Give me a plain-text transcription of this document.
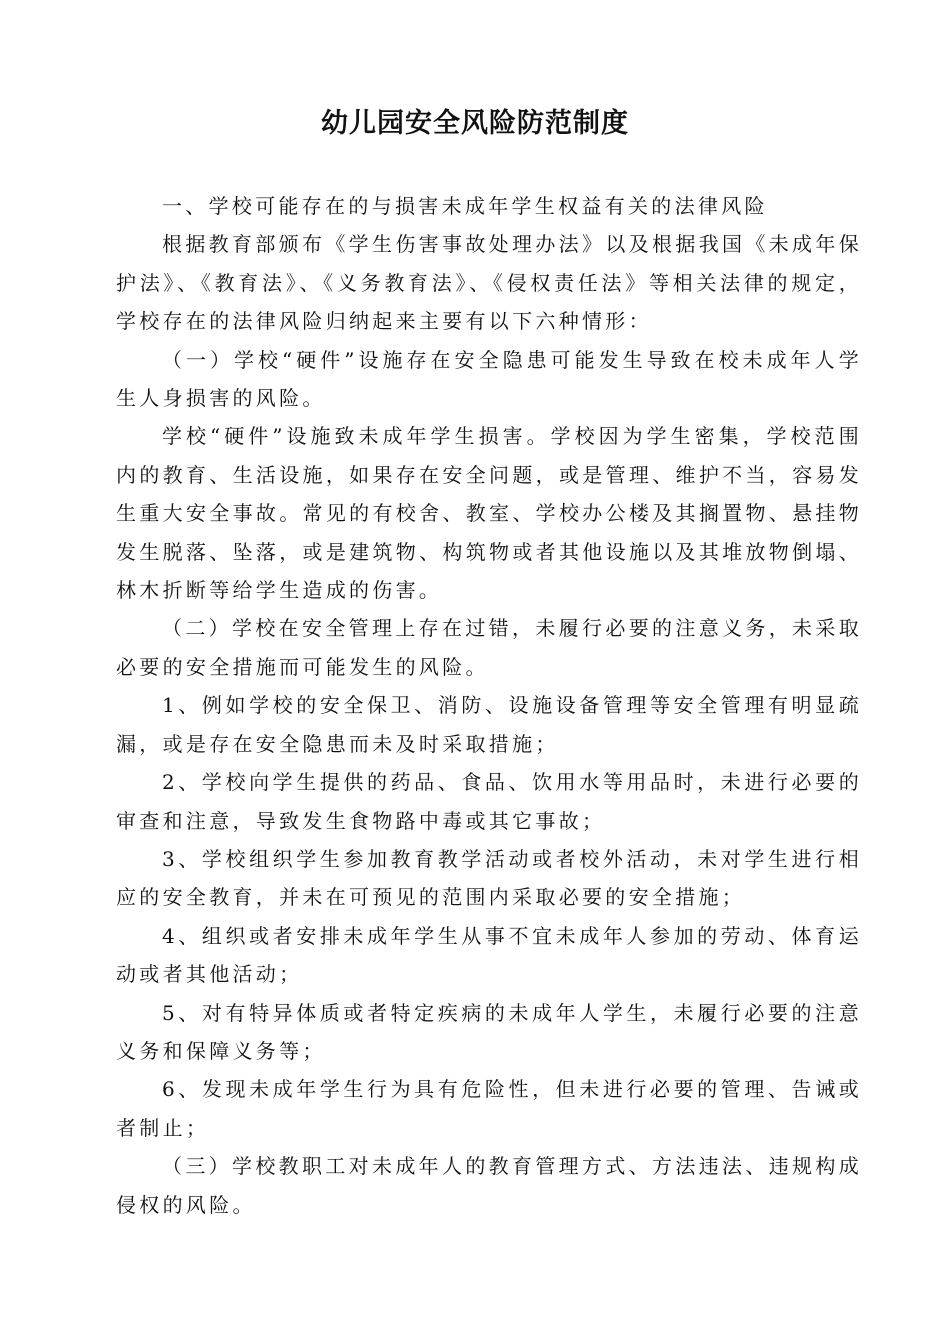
幼儿园安全风险防范制度

一、学校可能存在的与损害未成年学生权益有关的法律风险

根据教育部颁布《学生伤害事故处理办法》以及根据我国《未成年保护法》、《教育法》、《义务教育法》、《侵权责任法》等相关法律的规定，学校存在的法律风险归纳起来主要有以下六种情形：

（一）学校“硬件”设施存在安全隐患可能发生导致在校未成年人学生人身损害的风险。

学校“硬件”设施致未成年学生损害。学校因为学生密集，学校范围内的教育、生活设施，如果存在安全问题，或是管理、维护不当，容易发生重大安全事故。常见的有校舍、教室、学校办公楼及其搁置物、悬挂物发生脱落、坠落，或是建筑物、构筑物或者其他设施以及其堆放物倒塌、林木折断等给学生造成的伤害。

（二）学校在安全管理上存在过错，未履行必要的注意义务，未采取必要的安全措施而可能发生的风险。

1、例如学校的安全保卫、消防、设施设备管理等安全管理有明显疏漏，或是存在安全隐患而未及时采取措施；

2、学校向学生提供的药品、食品、饮用水等用品时，未进行必要的审查和注意，导致发生食物路中毒或其它事故；

3、学校组织学生参加教育教学活动或者校外活动，未对学生进行相应的安全教育，并未在可预见的范围内采取必要的安全措施；

4、组织或者安排未成年学生从事不宜未成年人参加的劳动、体育运动或者其他活动；

5、对有特异体质或者特定疾病的未成年人学生，未履行必要的注意义务和保障义务等；

6、发现未成年学生行为具有危险性，但未进行必要的管理、告诫或者制止；

（三）学校教职工对未成年人的教育管理方式、方法违法、违规构成侵权的风险。
